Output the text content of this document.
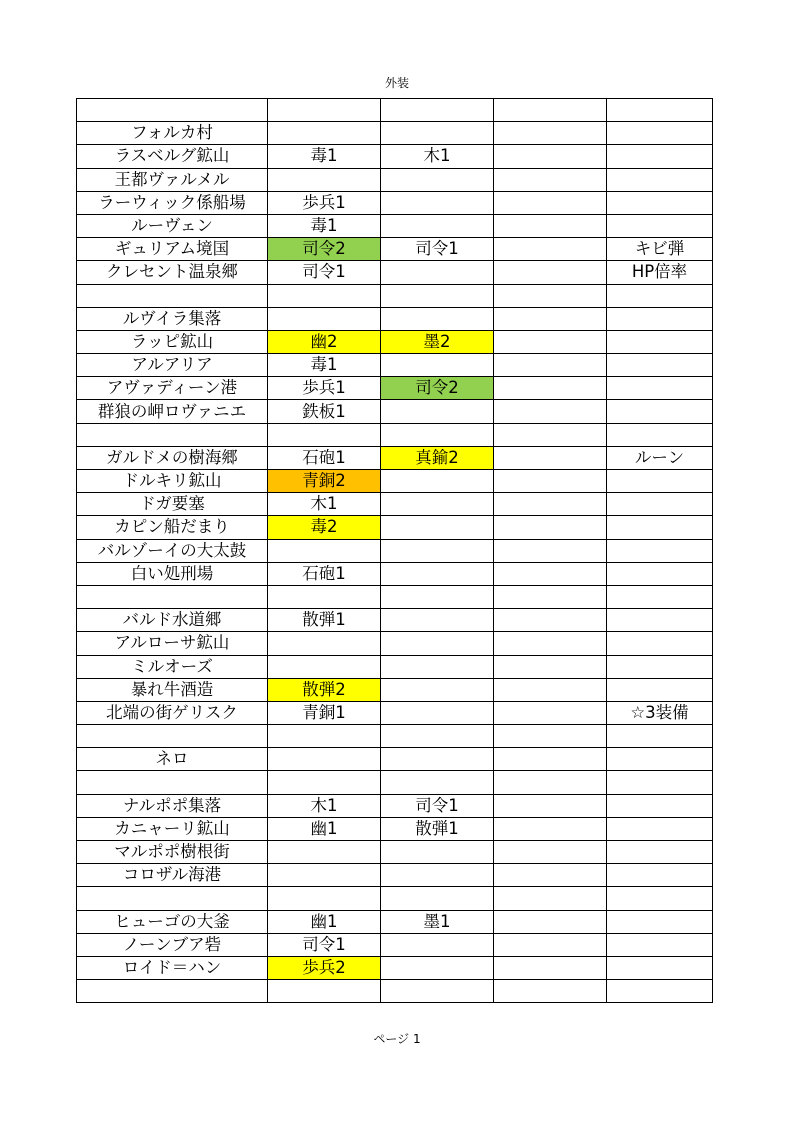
外装

フォルカ村				
ラスベルグ鉱山	毒1	木1		
王都ヴァルメル				
ラーウィック係船場	歩兵1			
ルーヴェン	毒1			
ギュリアム境国	司令2	司令1		キビ弾
クレセント温泉郷	司令1			HP倍率

ルヴイラ集落				
ラッピ鉱山	幽2	墨2		
アルアリア	毒1			
アヴァディーン港	歩兵1	司令2		
群狼の岬ロヴァニエ	鉄板1			

ガルドメの樹海郷	石砲1	真鍮2		ルーン
ドルキリ鉱山	青銅2			
ドガ要塞	木1			
カピン船だまり	毒2			
バルゾーイの大太鼓				
白い処刑場	石砲1			

バルド水道郷	散弾1			
アルローサ鉱山				
ミルオーズ				
暴れ牛酒造	散弾2			
北端の街ゲリスク	青銅1			☆3装備

ネロ				

ナルポポ集落	木1	司令1		
カニャーリ鉱山	幽1	散弾1		
マルポポ樹根街				
コロザル海港				

ヒューゴの大釜	幽1	墨1		
ノーンブア砦	司令1			
ロイド＝ハン	歩兵2			

ページ 1
